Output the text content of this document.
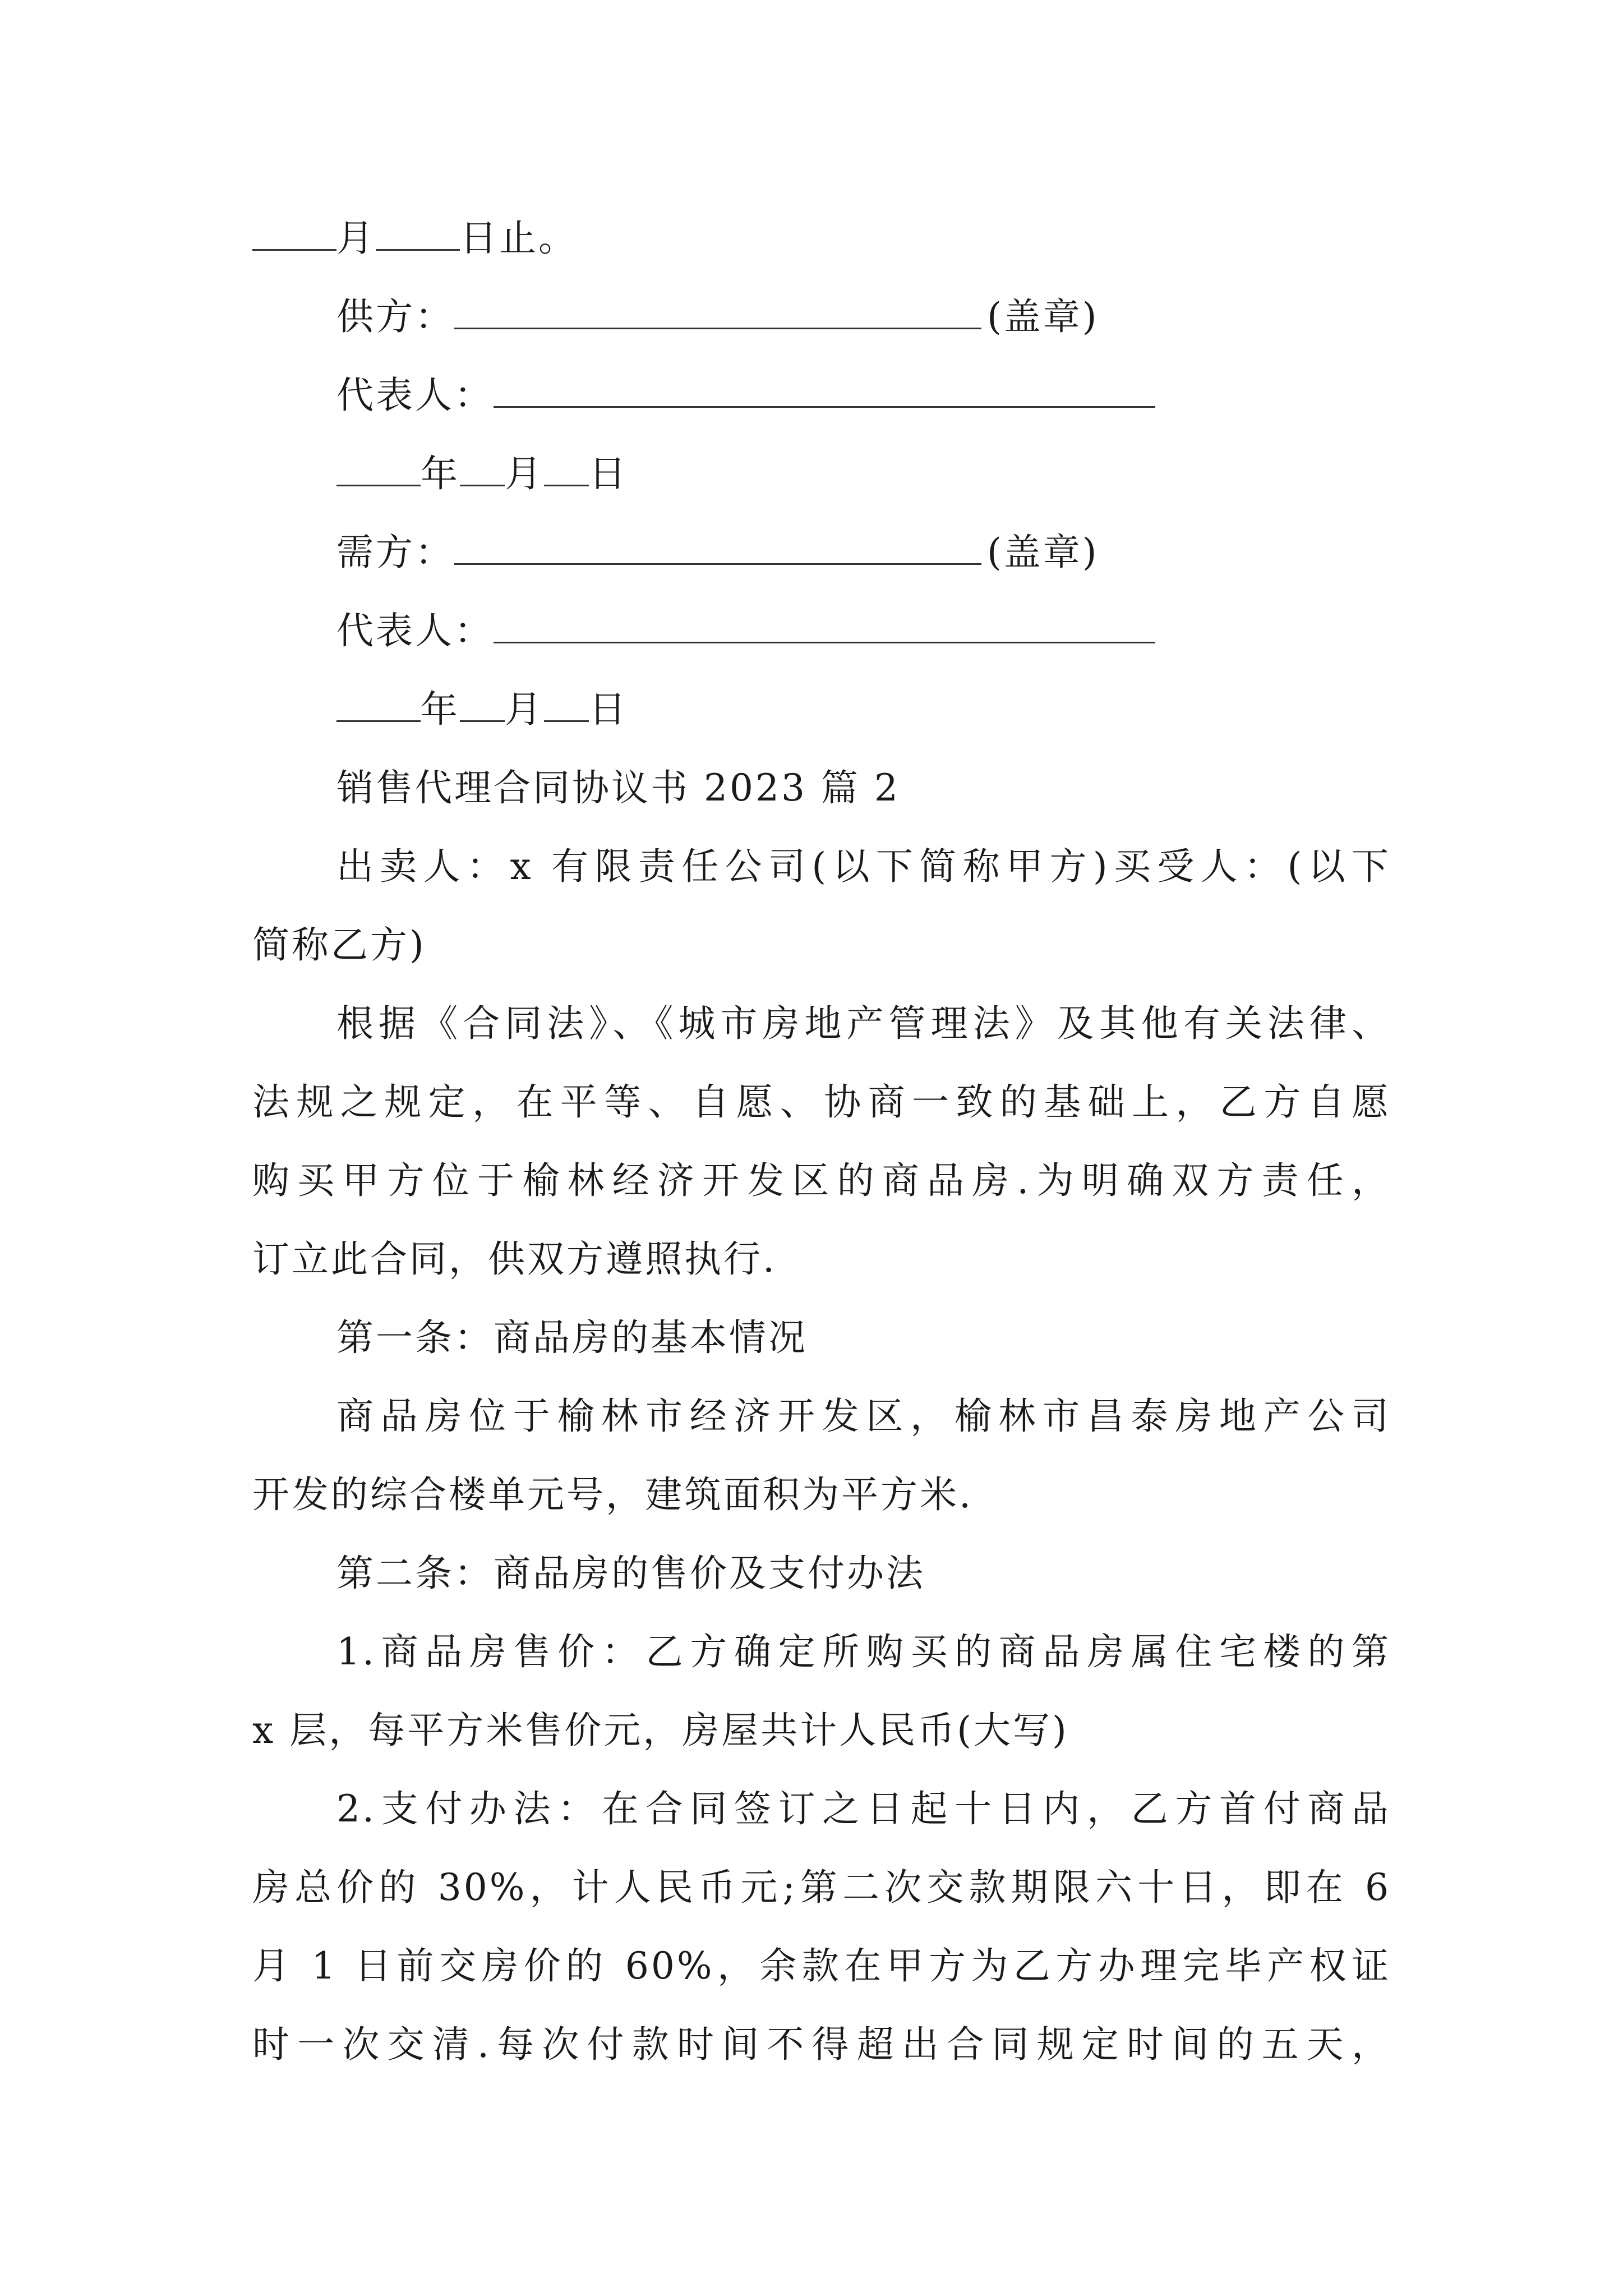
月 日止。
供方：	(盖章)
代表人：
年 月 日
需方：	(盖章)
代表人：
年 月 日
销售代理合同协议书 2023 篇 2
出卖人：x 有限责任公司(以下简称甲方)买受人：(以下
简称乙方)
根据《合同法》、《城市房地产管理法》及其他有关法律、
法规之规定，在平等、自愿、协商一致的基础上，乙方自愿
购买甲方位于榆林经济开发区的商品房.为明确双方责任，
订立此合同，供双方遵照执行.
第一条：商品房的基本情况
商品房位于榆林市经济开发区，榆林市昌泰房地产公司
开发的综合楼单元号，建筑面积为平方米.
第二条：商品房的售价及支付办法
1.商品房售价：乙方确定所购买的商品房属住宅楼的第
x 层，每平方米售价元，房屋共计人民币(大写)
2.支付办法：在合同签订之日起十日内，乙方首付商品
房总价的 30%，计人民币元;第二次交款期限六十日，即在 6
月 1 日前交房价的 60%，余款在甲方为乙方办理完毕产权证
时一次交清.每次付款时间不得超出合同规定时间的五天，
